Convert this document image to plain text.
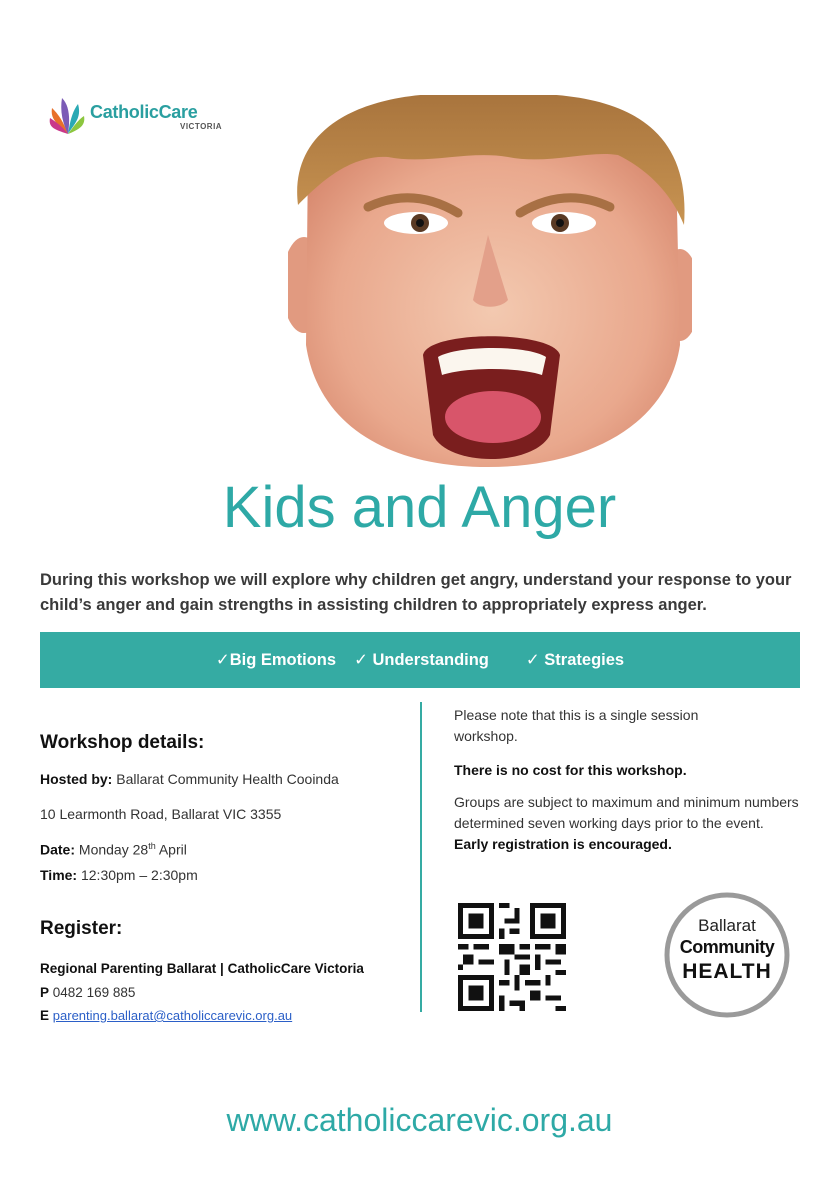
CatholicCare
VICTORIA
Kids and Anger
During this workshop we will explore why children get angry, understand your response to your child’s anger and gain strengths in assisting children to appropriately express anger.
✓Big Emotions ✓ Understanding ✓ Strategies
Workshop details:
Hosted by: Ballarat Community Health Cooinda
10 Learmonth Road, Ballarat VIC 3355
Date: Monday 28th April
Time: 12:30pm – 2:30pm
Register:
Regional Parenting Ballarat | CatholicCare Victoria
P 0482 169 885
E parenting.ballarat@catholiccarevic.org.au
Please note that this is a single session workshop.
There is no cost for this workshop.
Groups are subject to maximum and minimum numbers determined seven working days prior to the event. Early registration is encouraged.
Ballarat
Community
HEALTH
www.catholiccarevic.org.au
